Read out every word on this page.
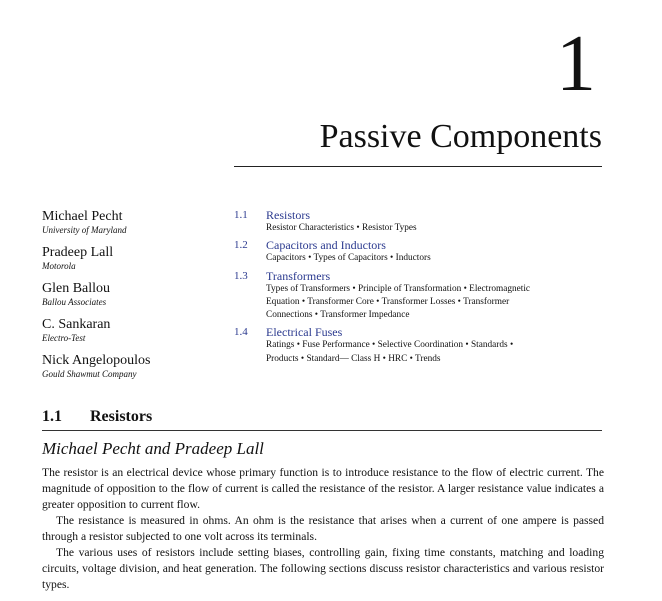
1
Passive Components
Michael Pecht
University of Maryland
Pradeep Lall
Motorola
Glen Ballou
Ballou Associates
C. Sankaran
Electro-Test
Nick Angelopoulos
Gould Shawmut Company
1.1 Resistors
Resistor Characteristics • Resistor Types
1.2 Capacitors and Inductors
Capacitors • Types of Capacitors • Inductors
1.3 Transformers
Types of Transformers • Principle of Transformation • Electromagnetic Equation • Transformer Core • Transformer Losses • Transformer Connections • Transformer Impedance
1.4 Electrical Fuses
Ratings • Fuse Performance • Selective Coordination • Standards • Products • Standard— Class H • HRC • Trends
1.1 Resistors
Michael Pecht and Pradeep Lall

The resistor is an electrical device whose primary function is to introduce resistance to the flow of electric current. The magnitude of opposition to the flow of current is called the resistance of the resistor. A larger resistance value indicates a greater opposition to current flow.

The resistance is measured in ohms. An ohm is the resistance that arises when a current of one ampere is passed through a resistor subjected to one volt across its terminals.

The various uses of resistors include setting biases, controlling gain, fixing time constants, matching and loading circuits, voltage division, and heat generation. The following sections discuss resistor characteristics and various resistor types.
